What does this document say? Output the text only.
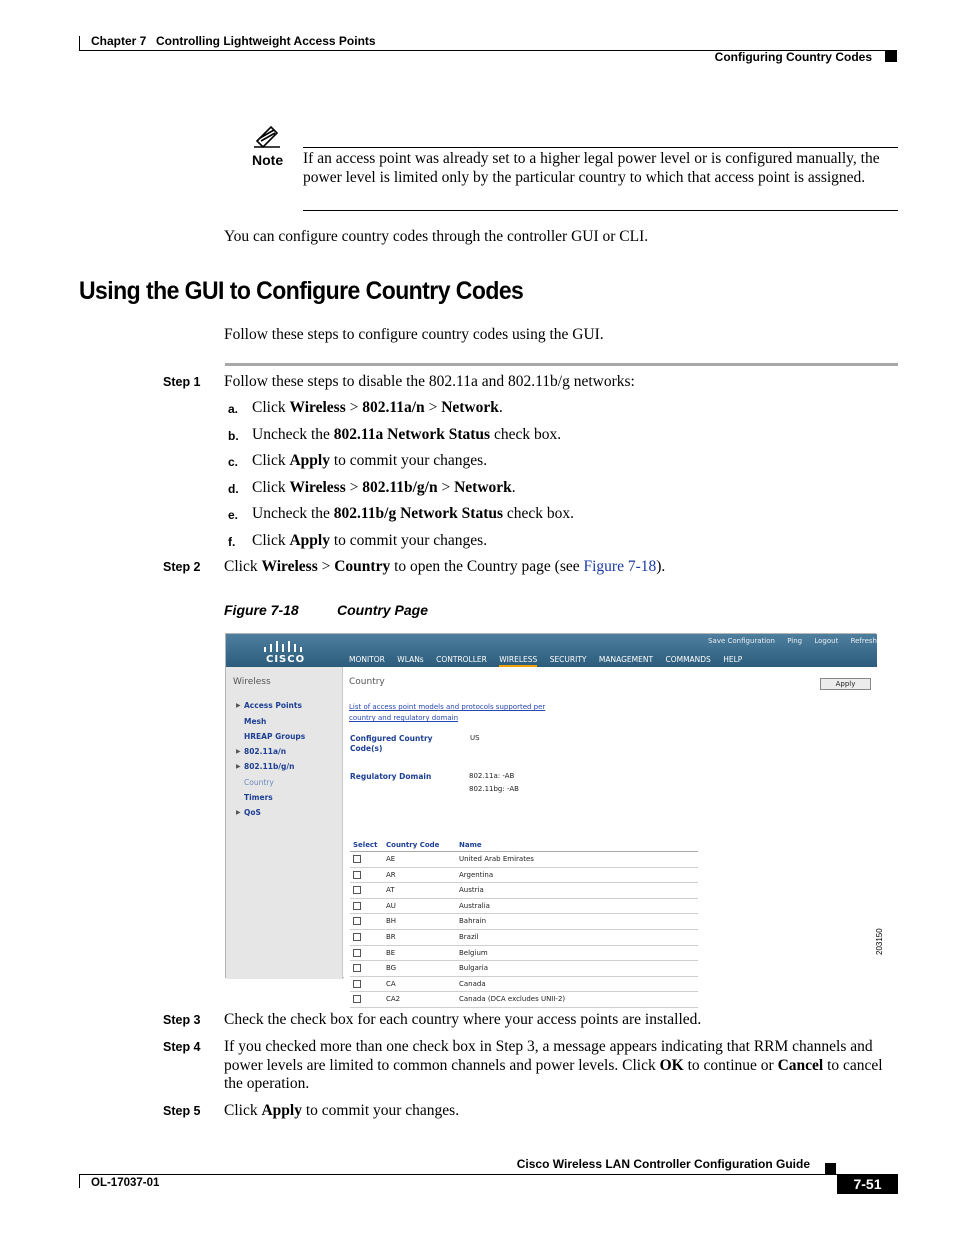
Chapter 7 Controlling Lightweight Access Points
Configuring Country Codes
Note If an access point was already set to a higher legal power level or is configured manually, the power level is limited only by the particular country to which that access point is assigned.
You can configure country codes through the controller GUI or CLI.
Using the GUI to Configure Country Codes
Follow these steps to configure country codes using the GUI.
Step 1 Follow these steps to disable the 802.11a and 802.11b/g networks:
a. Click Wireless > 802.11a/n > Network.
b. Uncheck the 802.11a Network Status check box.
c. Click Apply to commit your changes.
d. Click Wireless > 802.11b/g/n > Network.
e. Uncheck the 802.11b/g Network Status check box.
f. Click Apply to commit your changes.
Step 2 Click Wireless > Country to open the Country page (see Figure 7-18).
Figure 7-18	Country Page
CISCO
Save Configuration Ping Logout Refresh
MONITOR WLANs CONTROLLER WIRELESS SECURITY MANAGEMENT COMMANDS HELP
Wireless
▶ Access Points
Mesh
HREAP Groups
▶ 802.11a/n
▶ 802.11b/g/n
Country
Timers
▶ QoS
Country	Apply
List of access point models and protocols supported per
country and regulatory domain
Configured Country Code(s)
US
Regulatory Domain	802.11a: -AB
802.11bg: -AB
Select Country Code	Name
AE	United Arab Emirates
AR	Argentina
AT	Austria
AU	Australia
BH	Bahrain
BR	Brazil
BE	Belgium
BG	Bulgaria
CA	Canada
CA2	Canada (DCA excludes UNII-2)
203150
Step 3 Check the check box for each country where your access points are installed.
Step 4 If you checked more than one check box in Step 3, a message appears indicating that RRM channels and power levels are limited to common channels and power levels. Click OK to continue or Cancel to cancel the operation.
Step 5 Click Apply to commit your changes.
Cisco Wireless LAN Controller Configuration Guide
OL-17037-01	7-51
